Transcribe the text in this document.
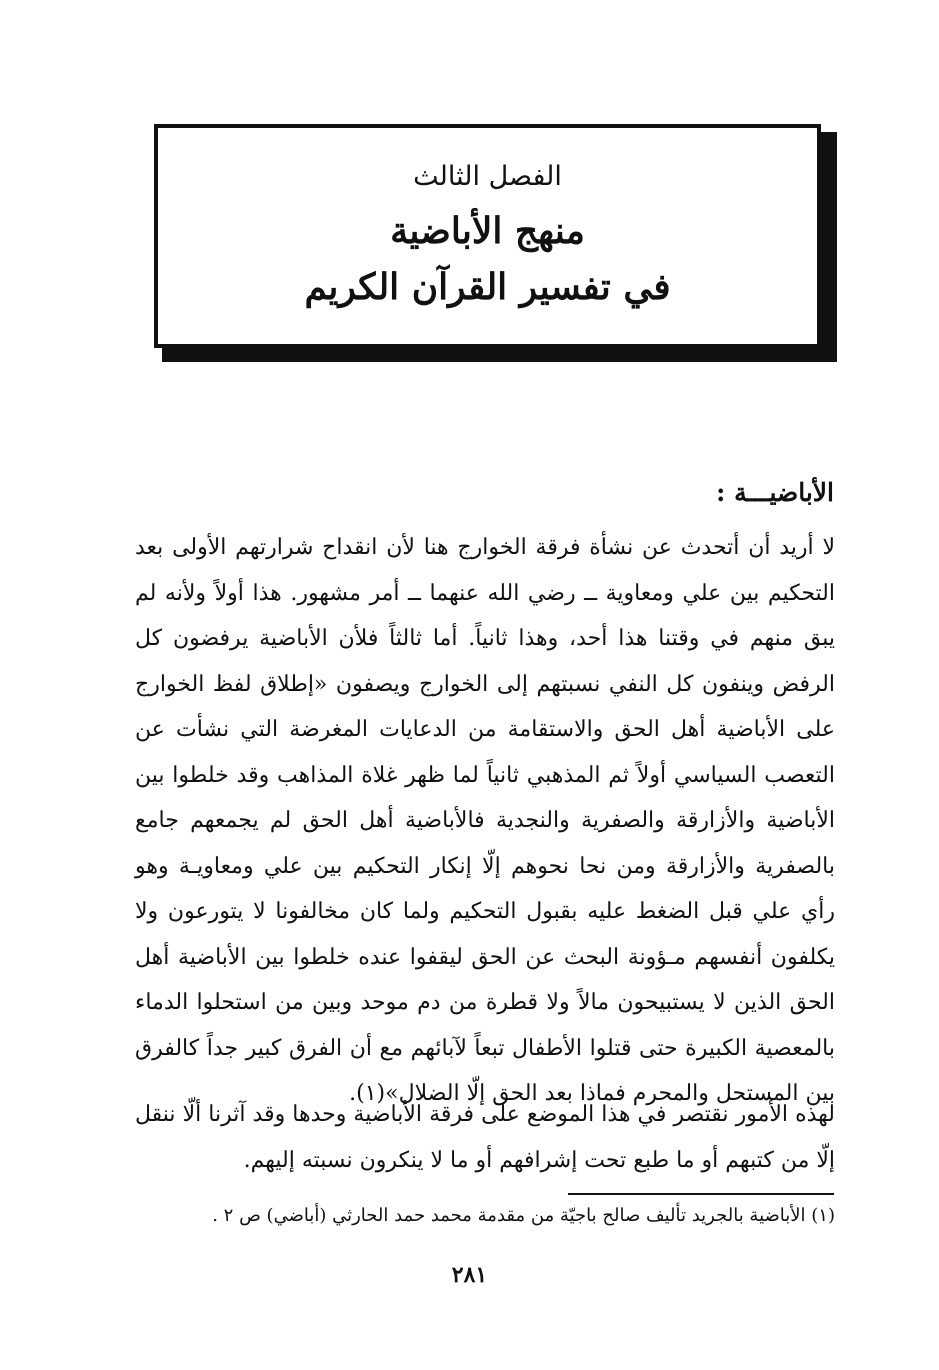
الفصل الثالث
منهج الأباضية
في تفسير القرآن الكريم
الأباضيـــة :
لا أريد أن أتحدث عن نشأة فرقة الخوارج هنا لأن انقداح شرارتهم الأولى بعد التحكيم بين علي ومعاوية ــ رضي الله عنهما ــ أمر مشهور. هذا أولاً ولأنه لم يبق منهم في وقتنا هذا أحد، وهذا ثانياً. أما ثالثاً فلأن الأباضية يرفضون كل الرفض وينفون كل النفي نسبتهم إلى الخوارج ويصفون «إطلاق لفظ الخوارج على الأباضية أهل الحق والاستقامة من الدعايات المغرضة التي نشأت عن التعصب السياسي أولاً ثم المذهبي ثانياً لما ظهر غلاة المذاهب وقد خلطوا بين الأباضية والأزارقة والصفرية والنجدية فالأباضية أهل الحق لم يجمعهم جامع بالصفرية والأزارقة ومن نحا نحوهم إلّا إنكار التحكيم بين علي ومعاويـة وهو رأي علي قبل الضغط عليه بقبول التحكيم ولما كان مخالفونا لا يتورعون ولا يكلفون أنفسهم مـؤونة البحث عن الحق ليقفوا عنده خلطوا بين الأباضية أهل الحق الذين لا يستبيحون مالاً ولا قطرة من دم موحد وبين من استحلوا الدماء بالمعصية الكبيرة حتى قتلوا الأطفال تبعاً لآبائهم مع أن الفرق كبير جداً كالفرق بين المستحل والمحرم فماذا بعد الحق إلّا الضلال»(١).
لهذه الأمور نقتصر في هذا الموضع على فرقة الأباضية وحدها وقد آثرنا ألّا ننقل إلّا من كتبهم أو ما طبع تحت إشرافهم أو ما لا ينكرون نسبته إليهم.
(١) الأباضية بالجريد تأليف صالح باجيّة من مقدمة محمد حمد الحارثي (أباضي) ص ٢ .
٢٨١
